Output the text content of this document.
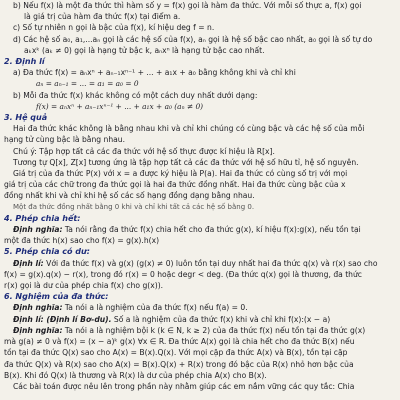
b) Nếu f(x) là một đa thức thì hàm số y = f(x) gọi là hàm đa thức. Với mỗi số thực a, f(x) gọi
là giá trị của hàm đa thức f(x) tại điểm a.
c) Số tự nhiên n gọi là bậc của f(x), kí hiệu deg f = n.
d) Các hệ số a₀, a₁,...aₙ gọi là các hệ số của f(x), aₙ gọi là hệ số bậc cao nhất, a₀ gọi là số tự do
aₖxᵏ (aₖ ≠ 0) gọi là hạng tử bậc k, aₙxⁿ là hạng tử bậc cao nhất.
2. Định lí
a) Đa thức f(x) = aₙxⁿ + aₙ₋₁xⁿ⁻¹ + ... + a₁x + a₀ bằng không khi và chỉ khi
aₙ = aₙ₋₁ = ... = a₁ = a₀ = 0
b) Mỗi đa thức f(x) khác không có một cách duy nhất dưới dạng:
f(x) = aₙxⁿ + aₙ₋₁xⁿ⁻¹ + ... + a₁x + a₀ (aₙ ≠ 0)
3. Hệ quả
Hai đa thức khác không là bằng nhau khi và chỉ khi chúng có cùng bậc và các hệ số của mỗi
hạng tử cùng bậc là bằng nhau.
Chú ý: Tập hợp tất cả các đa thức với hệ số thực được kí hiệu là R[x].
Tương tự Q[x], Z[x] tương ứng là tập hợp tất cả các đa thức với hệ số hữu tỉ, hệ số nguyên.
Giá trị của đa thức P(x) với x = a được ký hiệu là P(a). Hai đa thức có cùng số trị với mọi
giá trị của các chữ trong đa thức gọi là hai đa thức đồng nhất. Hai đa thức cùng bậc của x
đồng nhất khi và chỉ khi hệ số các số hạng đồng dạng bằng nhau.
Một đa thức đồng nhất bằng 0 khi và chỉ khi tất cả các hệ số bằng 0.
4. Phép chia hết:
Định nghĩa: Ta nói rằng đa thức f(x) chia hết cho đa thức g(x), kí hiệu f(x):g(x), nếu tồn tại
một đa thức h(x) sao cho f(x) = g(x).h(x)
5. Phép chia có dư:
Định lí: Với đa thức f(x) và g(x) (g(x) ≠ 0) luôn tồn tại duy nhất hai đa thức q(x) và r(x) sao cho
f(x) = g(x).q(x) − r(x), trong đó r(x) = 0 hoặc degr < deg. (Đa thức q(x) gọi là thương, đa thức
r(x) gọi là dư của phép chia f(x) cho g(x)).
6. Nghiệm của đa thức:
Định nghĩa: Ta nói a là nghiệm của đa thức f(x) nếu f(a) = 0.
Định lí: (Định lí Bơ-du). Số a là nghiệm của đa thức f(x) khi và chỉ khi f(x):(x − a)
Định nghĩa: Ta nói a là nghiệm bội k (k ∈ N, k ≥ 2) của đa thức f(x) nếu tồn tại đa thức g(x)
mà g(a) ≠ 0 và f(x) = (x − a)ᵏ g(x) ∀x ∈ R. Đa thức A(x) gọi là chia hết cho đa thức B(x) nếu
tồn tại đa thức Q(x) sao cho A(x) = B(x).Q(x). Với mọi cặp đa thức A(x) và B(x), tồn tại cặp
đa thức Q(x) và R(x) sao cho A(x) = B(x).Q(x) + R(x) trong đó bậc của R(x) nhỏ hơn bậc của
B(x). Khi đó Q(x) là thương và R(x) là dư của phép chia A(x) cho B(x).
Các bài toán được nêu lên trong phần này nhằm giúp các em nắm vững các quy tắc: Chia
